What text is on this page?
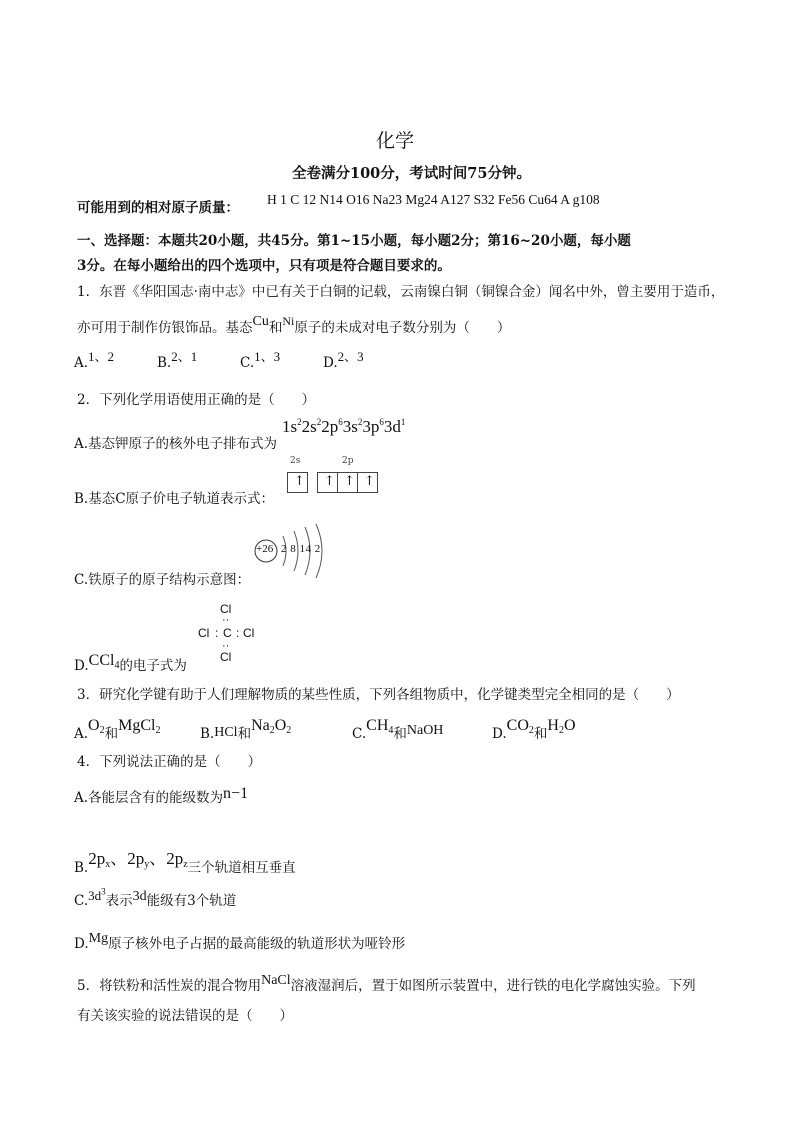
化学
全卷满分100分，考试时间75分钟。
可能用到的相对原子质量：
H 1 C 12 N14 O16 Na23 Mg24 A127 S32 Fe56 Cu64 A g108
一、选择题：本题共20小题，共45分。第1~15小题，每小题2分；第16~20小题，每小题
3分。在每小题给出的四个选项中，只有项是符合题目要求的。
1．东晋《华阳国志·南中志》中已有关于白铜的记载，云南镍白铜（铜镍合金）闻名中外，曾主要用于造币，
亦可用于制作仿银饰品。基态Cu和Ni原子的未成对电子数分别为（　　）
A.1、2	B.2、1	C.1、3	D.2、3
2．下列化学用语使用正确的是（　　）
A.基态钾原子的核外电子排布式为
$1s^22s^22p^63s^23p^63d^1$
B.基态C原子价电子轨道表示式：
2s	2p
↑ ↑ ↑ ↑
C.铁原子的原子结构示意图：
+26 2 8 14 2
D.CCl$_4$的电子式为
Cl
··
Cl : C : Cl
··
Cl
3．研究化学键有助于人们理解物质的某些性质，下列各组物质中，化学键类型完全相同的是（　　）
$A.O_2$和MgCl$_2$	B.HCl和$Na_2O_2$	$C.CH_4$和NaOH	$D.CO_2$和$H_2O$
4．下列说法正确的是（　　）
A.各能层含有的能级数为n−1
$B.2p_x$、$2p_y$、$2p_z$三个轨道相互垂直
$C.3d^3$表示3d能级有3个轨道
D.Mg原子核外电子占据的最高能级的轨道形状为哑铃形
5．将铁粉和活性炭的混合物用NaCl溶液湿润后，置于如图所示装置中，进行铁的电化学腐蚀实验。下列
有关该实验的说法错误的是（　　）
